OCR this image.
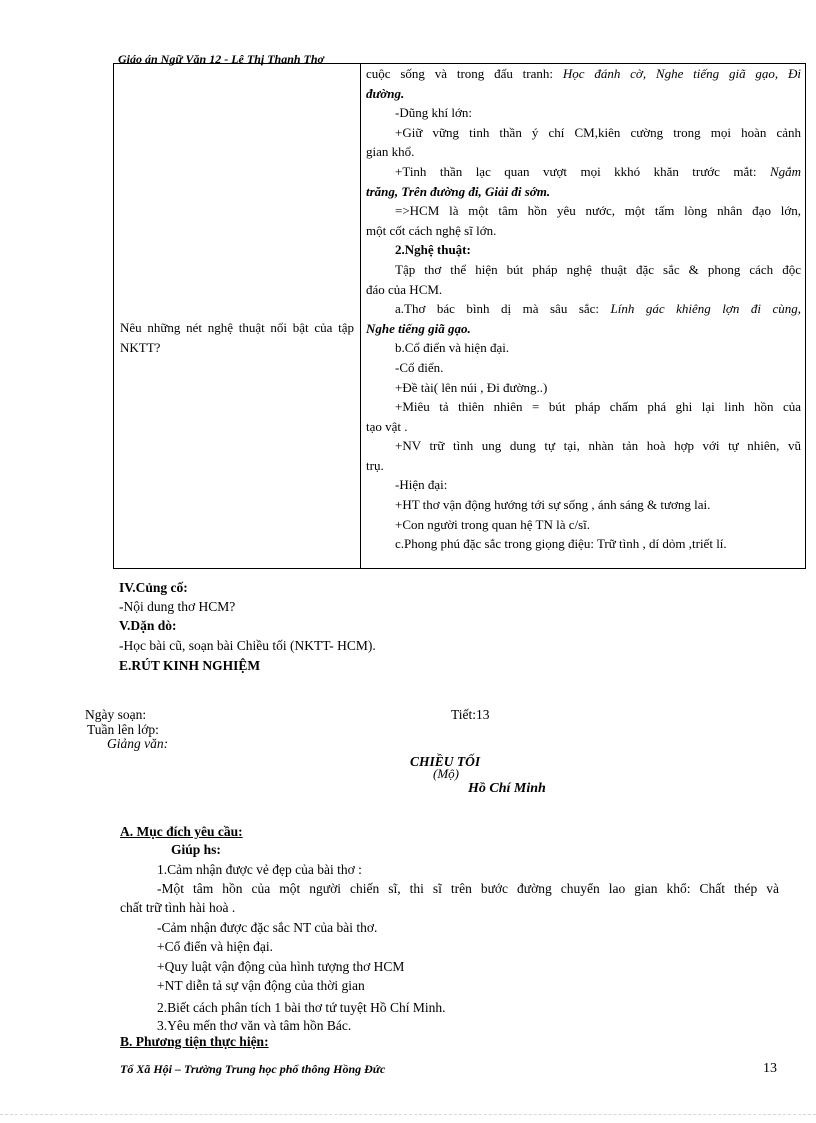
Giáo án Ngữ Văn 12 - Lê Thị Thanh Thơ
Nêu những nét nghệ thuật nổi bật của tập NKTT?

cuộc sống và trong đấu tranh: Học đánh cờ, Nghe tiếng giã gạo, Đi
đường.
-Dũng khí lớn:
+Giữ vững tinh thần ý chí CM,kiên cường trong mọi hoàn cảnh
gian khổ.
+Tinh thần lạc quan vượt mọi kkhó khăn trước mắt: Ngắm
trăng, Trên đường đi, Giải đi sớm.
=>HCM là một tâm hồn yêu nước, một tấm lòng nhân đạo lớn,
một cốt cách nghệ sĩ lớn.
2.Nghệ thuật:
Tập thơ thể hiện bút pháp nghệ thuật đặc sắc & phong cách độc
đáo của HCM.
a.Thơ bác bình dị mà sâu sắc: Lính gác khiêng lợn đi cùng,
Nghe tiếng giã gạo.
b.Cổ điển và hiện đại.
-Cổ điển.
+Đề tài( lên núi , Đi đường..)
+Miêu tả thiên nhiên = bút pháp chấm phá ghi lại linh hồn của
tạo vật .
+NV trữ tình ung dung tự tại, nhàn tản hoà hợp với tự nhiên, vũ
trụ.
-Hiện đại:
+HT thơ vận động hướng tới sự sống , ánh sáng & tương lai.
+Con người trong quan hệ TN là c/sĩ.
c.Phong phú đặc sắc trong giọng điệu: Trữ tình , dí dỏm ,triết lí.
IV.Củng cố:
-Nội dung thơ HCM?
V.Dặn dò:
-Học bài cũ, soạn bài Chiều tối (NKTT- HCM).
E.RÚT KINH NGHIỆM
Ngày soạn:	Tiết:13
Tuần lên lớp:
Giảng văn:
CHIỀU TỐI
(Mộ)
Hồ Chí Minh
A. Mục đích yêu cầu:
Giúp hs:
1.Cảm nhận được vẻ đẹp của bài thơ :
-Một tâm hồn của một người chiến sĩ, thi sĩ trên bước đường chuyển lao gian khổ: Chất thép và
chất trữ tình hài hoà .
-Cảm nhận được đặc sắc NT của bài thơ.
+Cổ điển và hiện đại.
+Quy luật vận động của hình tượng thơ HCM
+NT diễn tả sự vận động của thời gian
2.Biết cách phân tích 1 bài thơ tứ tuyệt Hồ Chí Minh.
3.Yêu mến thơ văn và tâm hồn Bác.
B. Phương tiện thực hiện:
Tổ Xã Hội – Trường Trung học phổ thông Hồng Đức	13
